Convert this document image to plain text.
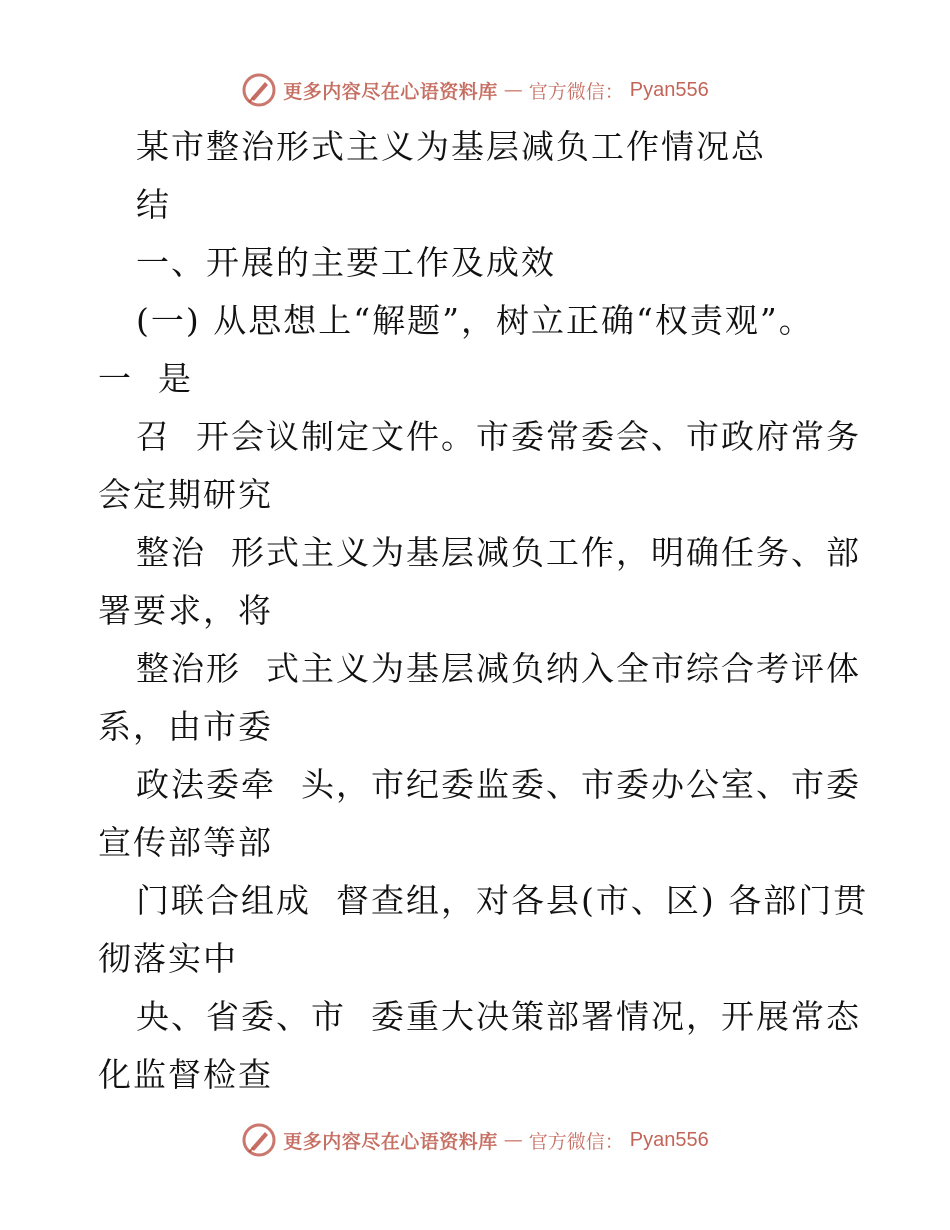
更多内容尽在心语资料库 — 官方微信： Pyan556
某市整治形式主义为基层减负工作情况总
结
一、开展的主要工作及成效
(一) 从思想上“解题”，树立正确“权责观”。
一  是
召  开会议制定文件。市委常委会、市政府常务
会定期研究
整治  形式主义为基层减负工作，明确任务、部
署要求，将
整治形  式主义为基层减负纳入全市综合考评体
系，由市委
政法委牵  头，市纪委监委、市委办公室、市委
宣传部等部
门联合组成  督查组，对各县(市、区) 各部门贯
彻落实中
央、省委、市  委重大决策部署情况，开展常态
化监督检查
更多内容尽在心语资料库 — 官方微信： Pyan556
